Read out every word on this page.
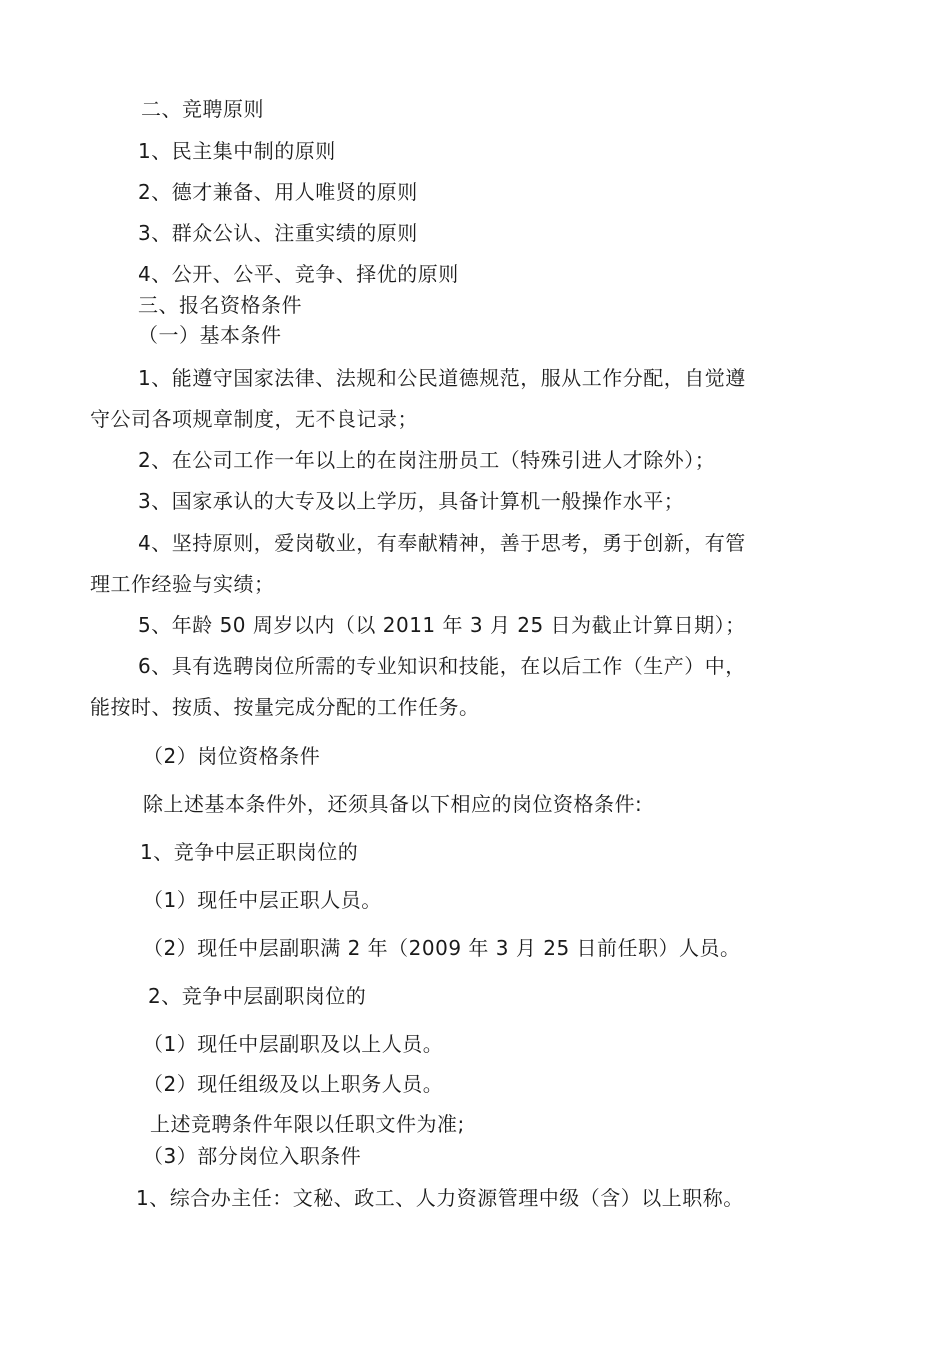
二、竞聘原则
1、民主集中制的原则
2、德才兼备、用人唯贤的原则
3、群众公认、注重实绩的原则
4、公开、公平、竞争、择优的原则
三、报名资格条件
（一）基本条件
1、能遵守国家法律、法规和公民道德规范，服从工作分配，自觉遵
守公司各项规章制度，无不良记录；
2、在公司工作一年以上的在岗注册员工（特殊引进人才除外）；
3、国家承认的大专及以上学历，具备计算机一般操作水平；
4、坚持原则，爱岗敬业，有奉献精神，善于思考，勇于创新，有管
理工作经验与实绩；
5、年龄 50 周岁以内（以 2011 年 3 月 25 日为截止计算日期）；
6、具有选聘岗位所需的专业知识和技能，在以后工作（生产）中，
能按时、按质、按量完成分配的工作任务。
（2）岗位资格条件
除上述基本条件外，还须具备以下相应的岗位资格条件:
1、竞争中层正职岗位的
（1）现任中层正职人员。
（2）现任中层副职满 2 年（2009 年 3 月 25 日前任职）人员。
2、竞争中层副职岗位的
（1）现任中层副职及以上人员。
（2）现任组级及以上职务人员。
上述竞聘条件年限以任职文件为准;
（3）部分岗位入职条件
1、综合办主任：文秘、政工、人力资源管理中级（含）以上职称。
